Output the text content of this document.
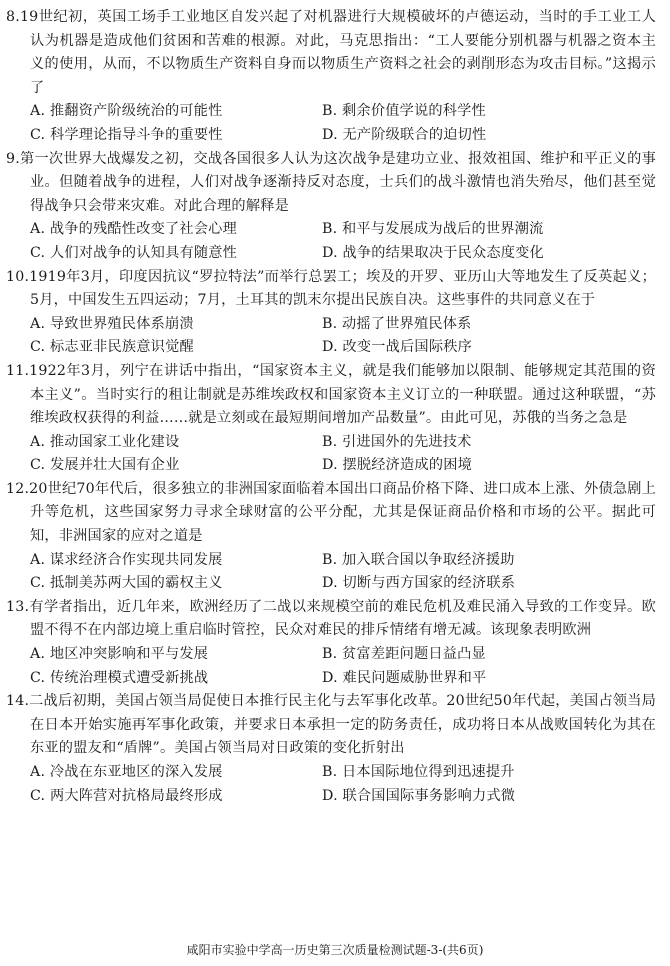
8.19世纪初，英国工场手工业地区自发兴起了对机器进行大规模破坏的卢德运动，当时的手工业工人认为机器是造成他们贫困和苦难的根源。对此，马克思指出：“工人要能分别机器与机器之资本主义的使用，从而，不以物质生产资料自身而以物质生产资料之社会的剥削形态为攻击目标。”这揭示了

A. 推翻资产阶级统治的可能性	B. 剩余价值学说的科学性
C. 科学理论指导斗争的重要性	D. 无产阶级联合的迫切性

9.第一次世界大战爆发之初，交战各国很多人认为这次战争是建功立业、报效祖国、维护和平正义的事业。但随着战争的进程，人们对战争逐渐持反对态度，士兵们的战斗激情也消失殆尽，他们甚至觉得战争只会带来灾难。对此合理的解释是

A. 战争的残酷性改变了社会心理	B. 和平与发展成为战后的世界潮流
C. 人们对战争的认知具有随意性	D. 战争的结果取决于民众态度变化

10.1919年3月，印度因抗议“罗拉特法”而举行总罢工；埃及的开罗、亚历山大等地发生了反英起义；5月，中国发生五四运动；7月，土耳其的凯末尔提出民族自决。这些事件的共同意义在于

A. 导致世界殖民体系崩溃	B. 动摇了世界殖民体系
C. 标志亚非民族意识觉醒	D. 改变一战后国际秩序

11.1922年3月，列宁在讲话中指出，“国家资本主义，就是我们能够加以限制、能够规定其范围的资本主义”。当时实行的租让制就是苏维埃政权和国家资本主义订立的一种联盟。通过这种联盟，“苏维埃政权获得的利益……就是立刻或在最短期间增加产品数量”。由此可见，苏俄的当务之急是

A. 推动国家工业化建设	B. 引进国外的先进技术
C. 发展并壮大国有企业	D. 摆脱经济造成的困境

12.20世纪70年代后，很多独立的非洲国家面临着本国出口商品价格下降、进口成本上涨、外债急剧上升等危机，这些国家努力寻求全球财富的公平分配，尤其是保证商品价格和市场的公平。据此可知，非洲国家的应对之道是

A. 谋求经济合作实现共同发展	B. 加入联合国以争取经济援助
C. 抵制美苏两大国的霸权主义	D. 切断与西方国家的经济联系

13.有学者指出，近几年来，欧洲经历了二战以来规模空前的难民危机及难民涌入导致的工作变异。欧盟不得不在内部边境上重启临时管控，民众对难民的排斥情绪有增无减。该现象表明欧洲

A. 地区冲突影响和平与发展	B. 贫富差距问题日益凸显
C. 传统治理模式遭受新挑战	D. 难民问题威胁世界和平

14.二战后初期，美国占领当局促使日本推行民主化与去军事化改革。20世纪50年代起，美国占领当局在日本开始实施再军事化政策，并要求日本承担一定的防务责任，成功将日本从战败国转化为其在东亚的盟友和“盾牌”。美国占领当局对日政策的变化折射出

A. 冷战在东亚地区的深入发展	B. 日本国际地位得到迅速提升
C. 两大阵营对抗格局最终形成	D. 联合国国际事务影响力式微
咸阳市实验中学高一历史第三次质量检测试题-3-(共6页)
